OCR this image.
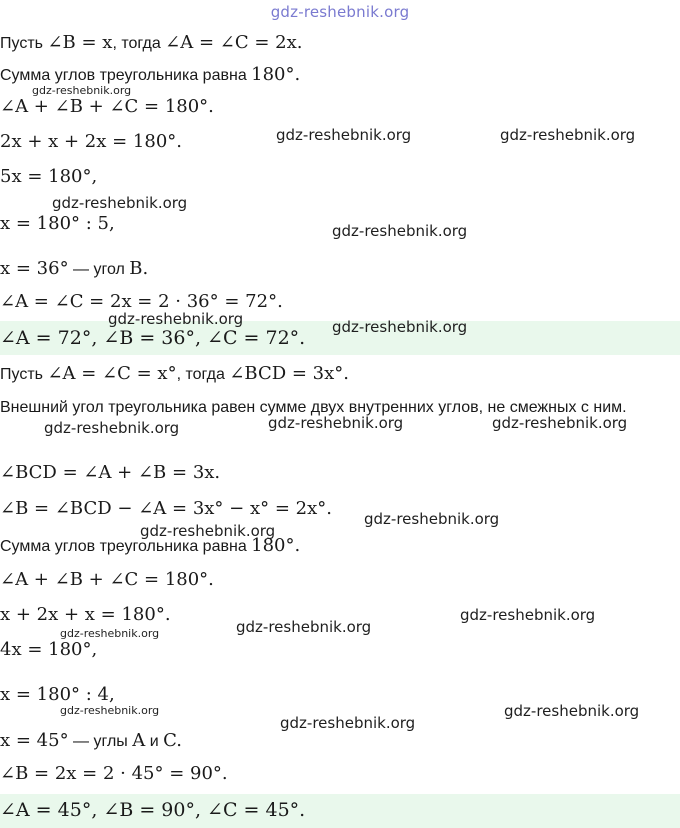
gdz-reshebnik.org
Пусть ∠B = x, тогда ∠A = ∠C = 2x.
Сумма углов треугольника равна 180°.
∠A + ∠B + ∠C = 180°.
2x + x + 2x = 180°.
5x = 180°,
x = 180° : 5,
x = 36° — угол B.
∠A = ∠C = 2x = 2 · 36° = 72°.
∠A = 72°, ∠B = 36°, ∠C = 72°.
Пусть ∠A = ∠C = x°, тогда ∠BCD = 3x°.
Внешний угол треугольника равен сумме двух внутренних углов, не смежных с ним.
∠BCD = ∠A + ∠B = 3x.
∠B = ∠BCD − ∠A = 3x° − x° = 2x°.
Сумма углов треугольника равна 180°.
∠A + ∠B + ∠C = 180°.
x + 2x + x = 180°.
4x = 180°,
x = 180° : 4,
x = 45° — углы A и C.
∠B = 2x = 2 · 45° = 90°.
∠A = 45°, ∠B = 90°, ∠C = 45°.
gdz-reshebnik.org
gdz-reshebnik.org	gdz-reshebnik.org
gdz-reshebnik.org
gdz-reshebnik.org
gdz-reshebnik.org	gdz-reshebnik.org
gdz-reshebnik.org	gdz-reshebnik.org	gdz-reshebnik.org
gdz-reshebnik.org
gdz-reshebnik.org
gdz-reshebnik.org
gdz-reshebnik.org
gdz-reshebnik.org
gdz-reshebnik.org	gdz-reshebnik.org
gdz-reshebnik.org
